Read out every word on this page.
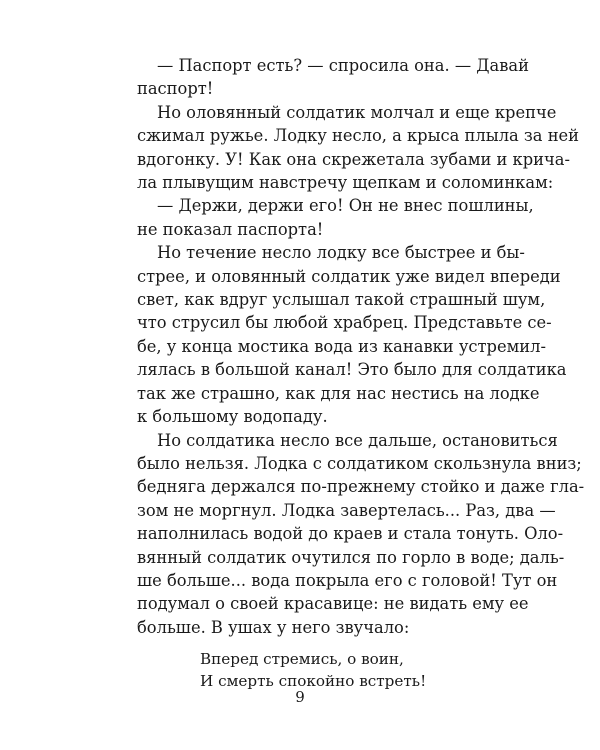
— Паспорт есть? — спросила она. — Давай
паспорт!

Но оловянный солдатик молчал и еще крепче
сжимал ружье. Лодку несло, а крыса плыла за ней
вдогонку. У! Как она скрежетала зубами и крича-
ла плывущим навстречу щепкам и соломинкам:

— Держи, держи его! Он не внес пошлины,
не показал паспорта!

Но течение несло лодку все быстрее и бы-
стрее, и оловянный солдатик уже видел впереди
свет, как вдруг услышал такой страшный шум,
что струсил бы любой храбрец. Представьте се-
бе, у конца мостика вода из канавки устремил-
лялась в большой канал! Это было для солдатика
так же страшно, как для нас нестись на лодке
к большому водопаду.

Но солдатика несло все дальше, остановиться
было нельзя. Лодка с солдатиком скользнула вниз;
бедняга держался по-прежнему стойко и даже гла-
зом не моргнул. Лодка завертелась... Раз, два —
наполнилась водой до краев и стала тонуть. Оло-
вянный солдатик очутился по горло в воде; даль-
ше больше... вода покрыла его с головой! Тут он
подумал о своей красавице: не видать ему ее
больше. В ушах у него звучало:

Вперед стремись, о воин,
И смерть спокойно встреть!
9
